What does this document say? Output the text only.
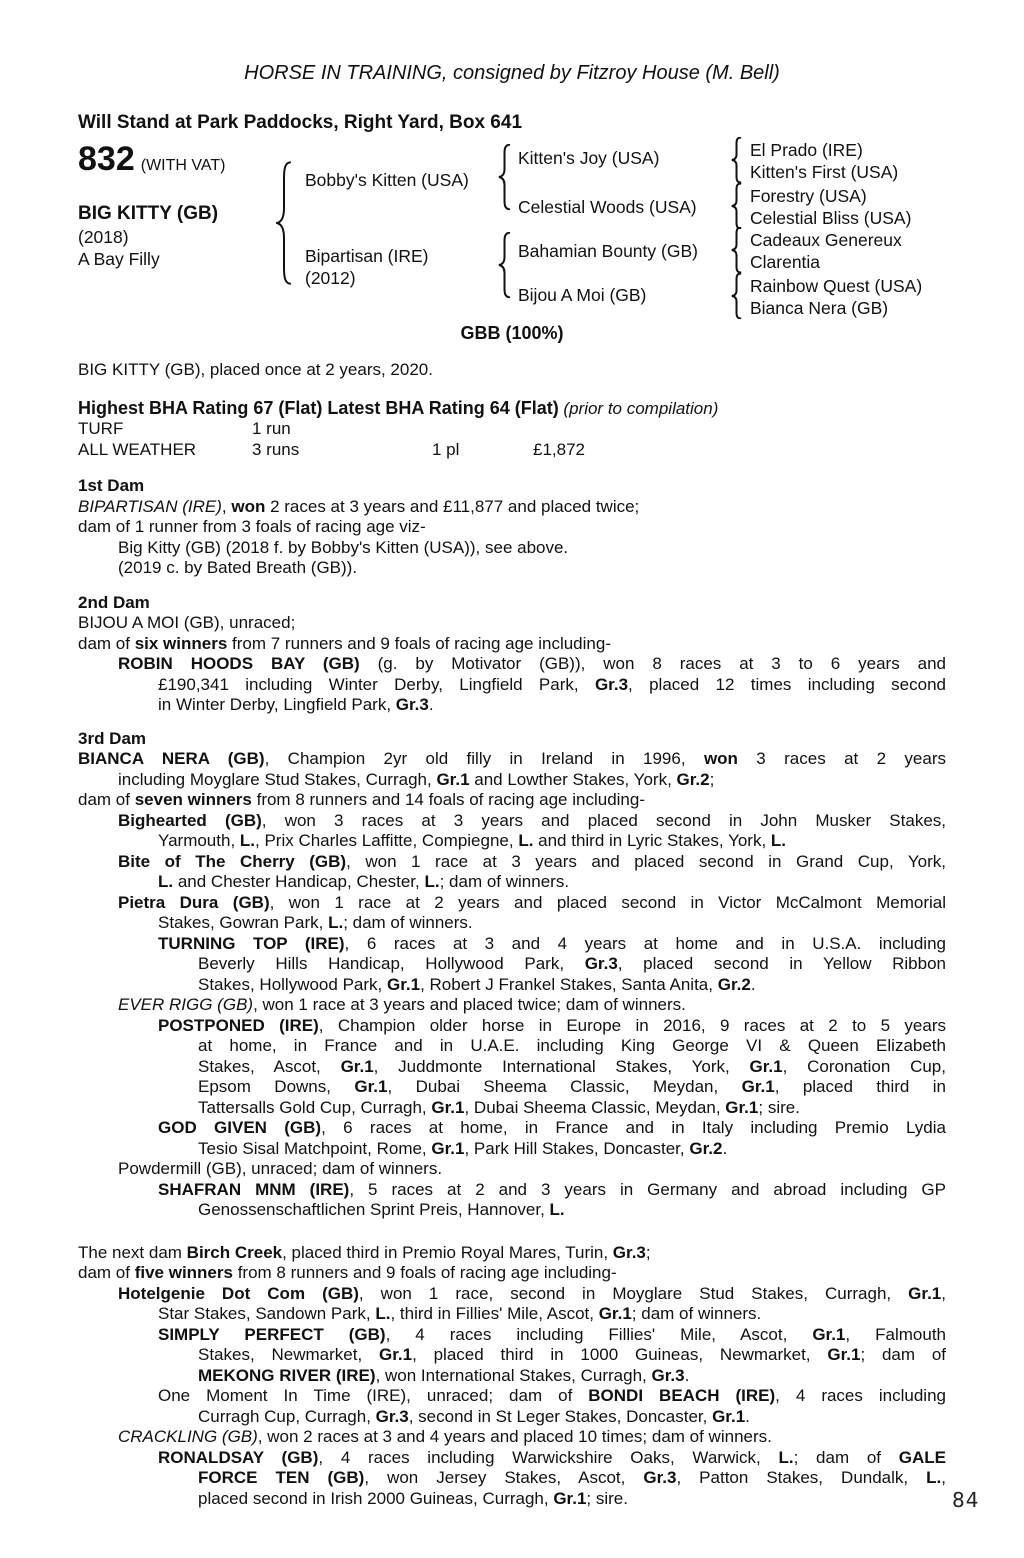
HORSE IN TRAINING, consigned by Fitzroy House (M. Bell)
Will Stand at Park Paddocks, Right Yard, Box 641
832 (WITH VAT)
BIG KITTY (GB)
(2018)
A Bay Filly
Bobby's Kitten (USA)
Bipartisan (IRE)
(2012)
Kitten's Joy (USA)
Celestial Woods (USA)
Bahamian Bounty (GB)
Bijou A Moi (GB)
El Prado (IRE)
Kitten's First (USA)
Forestry (USA)
Celestial Bliss (USA)
Cadeaux Genereux
Clarentia
Rainbow Quest (USA)
Bianca Nera (GB)
GBB (100%)
BIG KITTY (GB), placed once at 2 years, 2020.
Highest BHA Rating 67 (Flat) Latest BHA Rating 64 (Flat) (prior to compilation)
TURF	1 run
ALL WEATHER	3 runs	1 pl	£1,872
1st Dam
BIPARTISAN (IRE), won 2 races at 3 years and £11,877 and placed twice;
dam of 1 runner from 3 foals of racing age viz-
Big Kitty (GB) (2018 f. by Bobby's Kitten (USA)), see above.
(2019 c. by Bated Breath (GB)).
2nd Dam
BIJOU A MOI (GB), unraced;
dam of six winners from 7 runners and 9 foals of racing age including-
ROBIN HOODS BAY (GB) (g. by Motivator (GB)), won 8 races at 3 to 6 years and
£190,341 including Winter Derby, Lingfield Park, Gr.3, placed 12 times including second
in Winter Derby, Lingfield Park, Gr.3.
3rd Dam
BIANCA NERA (GB), Champion 2yr old filly in Ireland in 1996, won 3 races at 2 years
including Moyglare Stud Stakes, Curragh, Gr.1 and Lowther Stakes, York, Gr.2;
dam of seven winners from 8 runners and 14 foals of racing age including-
Bighearted (GB), won 3 races at 3 years and placed second in John Musker Stakes,
Yarmouth, L., Prix Charles Laffitte, Compiegne, L. and third in Lyric Stakes, York, L.
Bite of The Cherry (GB), won 1 race at 3 years and placed second in Grand Cup, York,
L. and Chester Handicap, Chester, L.; dam of winners.
Pietra Dura (GB), won 1 race at 2 years and placed second in Victor McCalmont Memorial
Stakes, Gowran Park, L.; dam of winners.
TURNING TOP (IRE), 6 races at 3 and 4 years at home and in U.S.A. including
Beverly Hills Handicap, Hollywood Park, Gr.3, placed second in Yellow Ribbon
Stakes, Hollywood Park, Gr.1, Robert J Frankel Stakes, Santa Anita, Gr.2.
EVER RIGG (GB), won 1 race at 3 years and placed twice; dam of winners.
POSTPONED (IRE), Champion older horse in Europe in 2016, 9 races at 2 to 5 years
at home, in France and in U.A.E. including King George VI & Queen Elizabeth
Stakes, Ascot, Gr.1, Juddmonte International Stakes, York, Gr.1, Coronation Cup,
Epsom Downs, Gr.1, Dubai Sheema Classic, Meydan, Gr.1, placed third in
Tattersalls Gold Cup, Curragh, Gr.1, Dubai Sheema Classic, Meydan, Gr.1; sire.
GOD GIVEN (GB), 6 races at home, in France and in Italy including Premio Lydia
Tesio Sisal Matchpoint, Rome, Gr.1, Park Hill Stakes, Doncaster, Gr.2.
Powdermill (GB), unraced; dam of winners.
SHAFRAN MNM (IRE), 5 races at 2 and 3 years in Germany and abroad including GP
Genossenschaftlichen Sprint Preis, Hannover, L.
The next dam Birch Creek, placed third in Premio Royal Mares, Turin, Gr.3;
dam of five winners from 8 runners and 9 foals of racing age including-
Hotelgenie Dot Com (GB), won 1 race, second in Moyglare Stud Stakes, Curragh, Gr.1,
Star Stakes, Sandown Park, L., third in Fillies' Mile, Ascot, Gr.1; dam of winners.
SIMPLY PERFECT (GB), 4 races including Fillies' Mile, Ascot, Gr.1, Falmouth
Stakes, Newmarket, Gr.1, placed third in 1000 Guineas, Newmarket, Gr.1; dam of
MEKONG RIVER (IRE), won International Stakes, Curragh, Gr.3.
One Moment In Time (IRE), unraced; dam of BONDI BEACH (IRE), 4 races including
Curragh Cup, Curragh, Gr.3, second in St Leger Stakes, Doncaster, Gr.1.
CRACKLING (GB), won 2 races at 3 and 4 years and placed 10 times; dam of winners.
RONALDSAY (GB), 4 races including Warwickshire Oaks, Warwick, L.; dam of GALE
FORCE TEN (GB), won Jersey Stakes, Ascot, Gr.3, Patton Stakes, Dundalk, L.,
placed second in Irish 2000 Guineas, Curragh, Gr.1; sire.	84
